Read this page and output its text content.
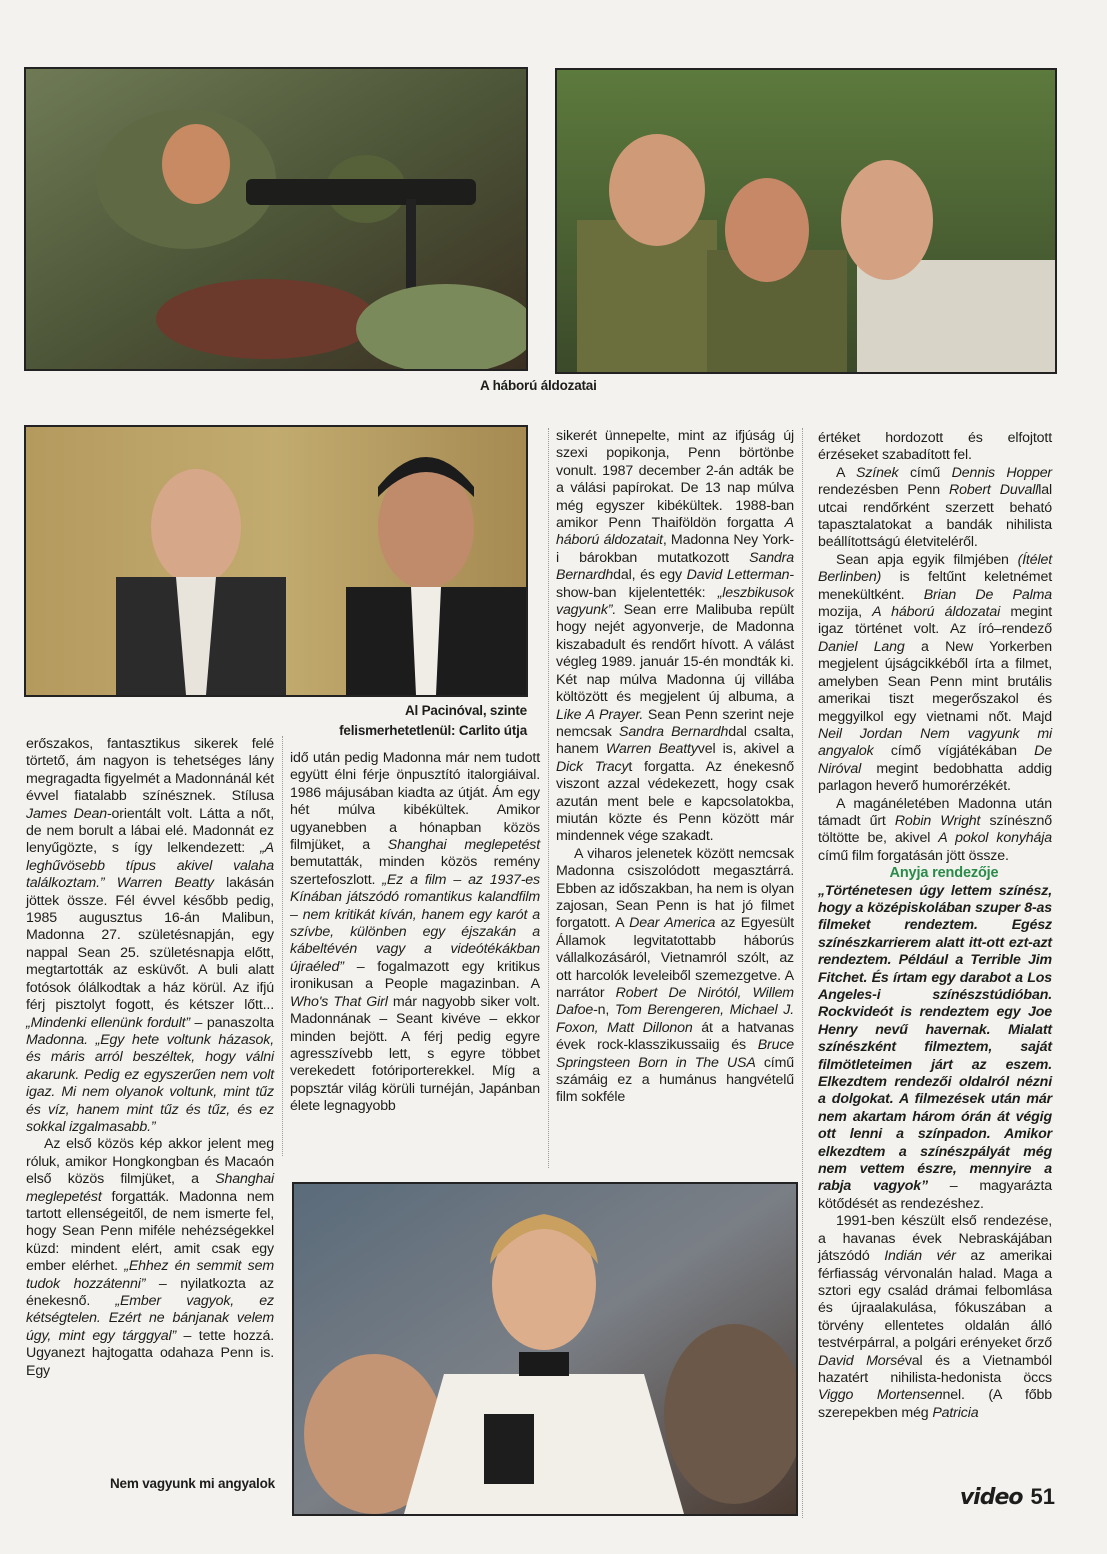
A háború áldozatai
Al Pacinóval, szinte
felismerhetetlenül: Carlito útja

erőszakos, fantasztikus sikerek felé törtető, ám nagyon is tehetséges lány megragadta figyelmét a Madonnánál két évvel fiatalabb színésznek. Stílusa James Dean-orientált volt. Látta a nőt, de nem borult a lábai elé. Madonnát ez lenyűgözte, s így lelkendezett: „A leghűvösebb típus akivel valaha találkoztam.” Warren Beatty lakásán jöttek össze. Fél évvel később pedig, 1985 augusztus 16-án Malibun, Madonna 27. születésnapján, egy nappal Sean 25. születésnapja előtt, megtartották az esküvőt. A buli alatt fotósok ólálkodtak a ház körül. Az ifjú férj pisztolyt fogott, és kétszer lőtt... „Mindenki ellenünk fordult” – panaszolta Madonna. „Egy hete voltunk házasok, és máris arról beszéltek, hogy válni akarunk. Pedig ez egyszerűen nem volt igaz. Mi nem olyanok voltunk, mint tűz és víz, hanem mint tűz és tűz, és ez sokkal izgalmasabb.”

Az első közös kép akkor jelent meg róluk, amikor Hongkongban és Macaón első közös filmjüket, a Shanghai meglepetést forgatták. Madonna nem tartott ellenségeitől, de nem ismerte fel, hogy Sean Penn miféle nehézségekkel küzd: mindent elért, amit csak egy ember elérhet. „Ehhez én semmit sem tudok hozzátenni” – nyilatkozta az énekesnő. „Ember vagyok, ez kétségtelen. Ezért ne bánjanak velem úgy, mint egy tárggyal” – tette hozzá. Ugyanezt hajtogatta odahaza Penn is. Egy

idő után pedig Madonna már nem tudott együtt élni férje önpusztító italorgiáival. 1986 májusában kiadta az útját. Ám egy hét múlva kibékültek. Amikor ugyanebben a hónapban közös filmjüket, a Shanghai meglepetést bemutatták, minden közös remény szertefoszlott. „Ez a film – az 1937-es Kínában játszódó romantikus kalandfilm – nem kritikát kíván, hanem egy karót a szívbe, különben egy éjszakán a kábeltévén vagy a videótékákban újraéled” – fogalmazott egy kritikus ironikusan a People magazinban. A Who's That Girl már nagyobb siker volt. Madonnának – Seant kivéve – ekkor minden bejött. A férj pedig egyre agresszívebb lett, s egyre többet verekedett fotóriporterekkel. Míg a popsztár világ körüli turnéján, Japánban élete legnagyobb

sikerét ünnepelte, mint az ifjúság új szexi popikonja, Penn börtönbe vonult. 1987 december 2-án adták be a válási papírokat. De 13 nap múlva még egyszer kibékültek. 1988-ban amikor Penn Thaiföldön forgatta A háború áldozatait, Madonna Ney York-i bárokban mutatkozott Sandra Bernardhdal, és egy David Letterman-show-ban kijelentették: „leszbikusok vagyunk”. Sean erre Malibuba repült hogy nejét agyonverje, de Madonna kiszabadult és rendőrt hívott. A válást végleg 1989. január 15-én mondták ki. Két nap múlva Madonna új villába költözött és megjelent új albuma, a Like A Prayer. Sean Penn szerint neje nemcsak Sandra Bernardhdal csalta, hanem Warren Beattyvel is, akivel a Dick Tracyt forgatta. Az énekesnő viszont azzal védekezett, hogy csak azután ment bele e kapcsolatokba, miután közte és Penn között már mindennek vége szakadt.

A viharos jelenetek között nemcsak Madonna csiszolódott megasztárrá. Ebben az időszakban, ha nem is olyan zajosan, Sean Penn is hat jó filmet forgatott. A Dear America az Egyesült Államok legvitatottabb háborús vállalkozásáról, Vietnamról szólt, az ott harcolók leveleiből szemezgetve. A narrátor Robert De Nirótól, Willem Dafoe-n, Tom Berengeren, Michael J. Foxon, Matt Dillonon át a hatvanas évek rock-klasszikussaiig és Bruce Springsteen Born in The USA című számáig ez a humánus hangvételű film sokféle

értéket hordozott és elfojtott érzéseket szabadított fel.

A Színek című Dennis Hopper rendezésben Penn Robert Duvalllal utcai rendőrként szerzett beható tapasztalatokat a bandák nihilista beállítottságú életviteléről.

Sean apja egyik filmjében (Ítélet Berlinben) is feltűnt keletnémet menekültként. Brian De Palma mozija, A háború áldozatai megint igaz történet volt. Az író–rendező Daniel Lang a New Yorkerben megjelent újságcikkéből írta a filmet, amelyben Sean Penn mint brutális amerikai tiszt megerőszakol és meggyilkol egy vietnami nőt. Majd Neil Jordan Nem vagyunk mi angyalok címő vígjátékában De Niróval megint bedobhatta addig parlagon heverő humorérzékét.

A magánéletében Madonna után támadt űrt Robin Wright színésznő töltötte be, akivel A pokol konyhája című film forgatásán jött össze.

Anyja rendezője

„Történetesen úgy lettem színész, hogy a középiskolában szuper 8-as filmeket rendeztem. Egész színészkarrierem alatt itt-ott ezt-azt rendeztem. Például a Terrible Jim Fitchet. És írtam egy darabot a Los Angeles-i színészstúdióban. Rockvideót is rendeztem egy Joe Henry nevű havernak. Mialatt színészként filmeztem, saját filmötleteimen járt az eszem. Elkezdtem rendezői oldalról nézni a dolgokat. A filmezések után már nem akartam három órán át végig ott lenni a színpadon. Amikor elkezdtem a színészpályát még nem vettem észre, mennyire a rabja vagyok” – magyarázta kötődését as rendezéshez.

1991-ben készült első rendezése, a havanas évek Nebraskájában játszódó Indián vér az amerikai férfiasság vérvonalán halad. Maga a sztori egy család drámai felbomlása és újraalakulása, fókuszában a törvény ellentetes oldalán álló testvérpárral, a polgári erényeket őrző David Morséval és a Vietnamból hazatért nihilista-hedonista öccs Viggo Mortensennel. (A főbb szerepekben még Patricia

Nem vagyunk mi angyalok
video 51
